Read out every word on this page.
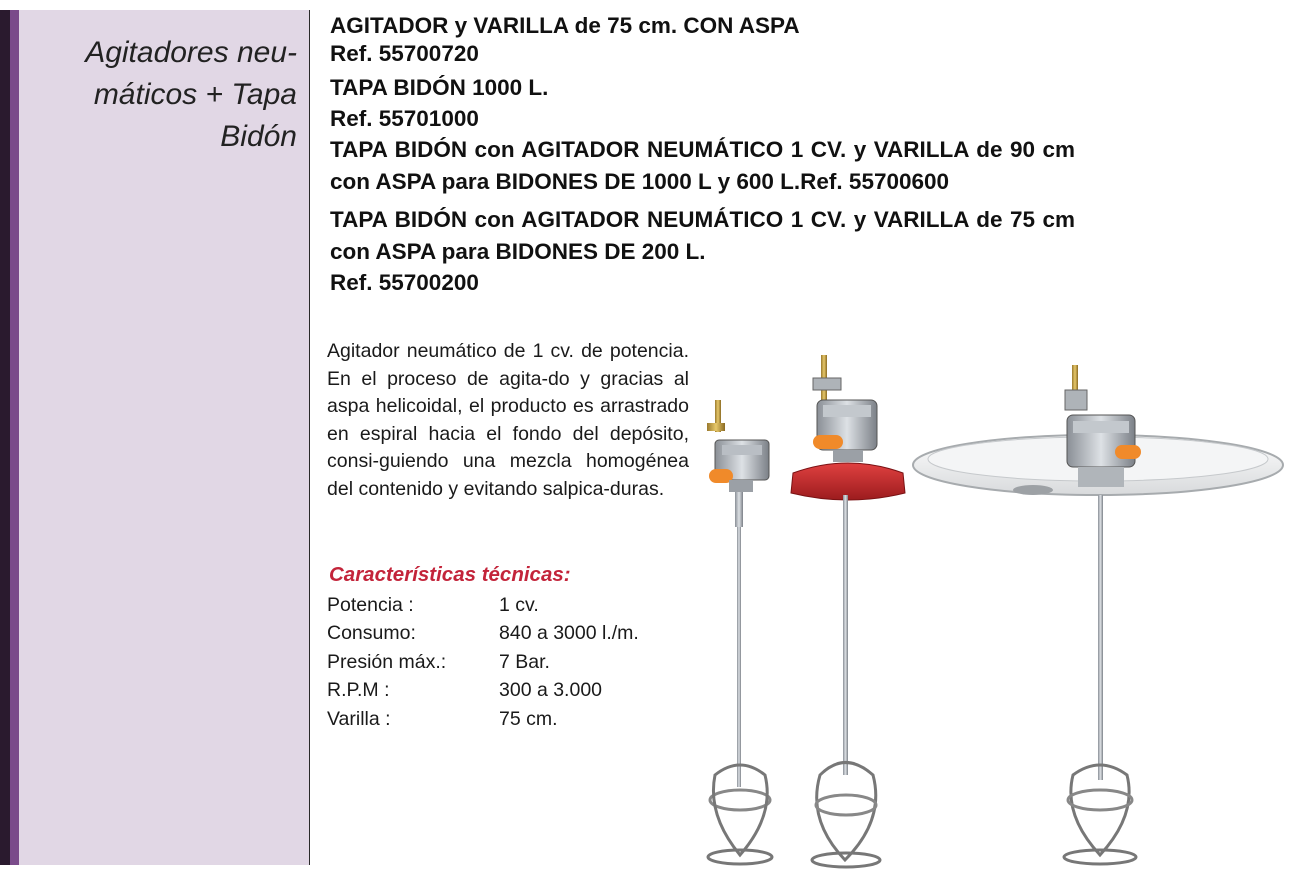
Agitadores neu-
máticos + Tapa
Bidón

AGITADOR y VARILLA de 75 cm. CON ASPA

Ref. 55700720

TAPA BIDÓN 1000 L.

Ref. 55701000

TAPA BIDÓN con AGITADOR NEUMÁTICO 1 CV. y VARILLA de 90 cm con ASPA para BIDONES DE 1000 L y 600 L.Ref. 55700600

TAPA BIDÓN con AGITADOR NEUMÁTICO 1 CV. y VARILLA de 75 cm con ASPA para BIDONES DE 200 L.

Ref. 55700200

Agitador neumático de 1 cv. de potencia. En el proceso de agita-do y gracias al aspa helicoidal, el producto es arrastrado en espiral hacia el fondo del depósito, consi-guiendo una mezcla homogénea del contenido y evitando salpica-duras.
Características técnicas:
Potencia :	1 cv.
Consumo:	840 a 3000 l./m.
Presión máx.:	7 Bar.
R.P.M :	300 a 3.000
Varilla :	75 cm.
